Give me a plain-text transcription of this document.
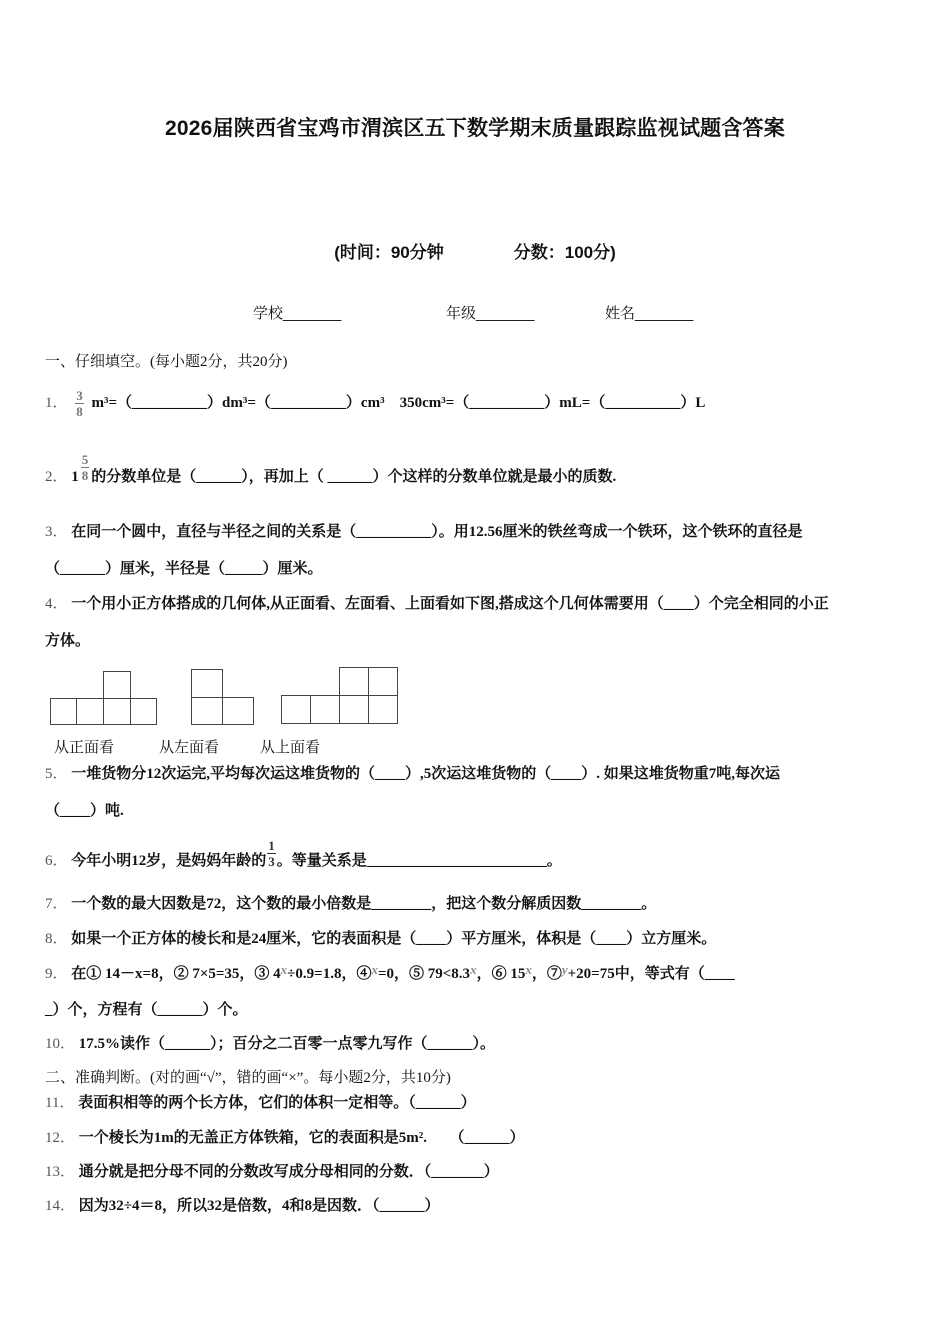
2026届陕西省宝鸡市渭滨区五下数学期末质量跟踪监视试题含答案
(时间：90分钟	分数：100分)
学校_______	年级_______	姓名_______
一、仔细填空。(每小题2分，共20分)
1． $\frac{3}{8}$ m³=（__________）dm³=（__________）cm³　350cm³=（__________）mL=（__________）L
2． $1 \frac{5}{8}$ 的分数单位是（______），再加上（ ______）个这样的分数单位就是最小的质数.
3． 在同一个圆中，直径与半径之间的关系是（__________）。用12.56厘米的铁丝弯成一个铁环，这个铁环的直径是
（______）厘米，半径是（_____）厘米。
4． 一个用小正方体搭成的几何体,从正面看、左面看、上面看如下图,搭成这个几何体需要用（____）个完全相同的小正
方体。
从正面看	从左面看	从上面看
5． 一堆货物分12次运完,平均每次运这堆货物的（____）,5次运这堆货物的（____）. 如果这堆货物重7吨,每次运
（____）吨.
6． 今年小明12岁，是妈妈年龄的 $\frac{1}{3}$ 。等量关系是________________________。
7． 一个数的最大因数是72，这个数的最小倍数是________，把这个数分解质因数________。
8． 如果一个正方体的棱长和是24厘米，它的表面积是（____）平方厘米，体积是（____）立方厘米。
9． 在① 14－x=8，② 7×5=35，③ 4x÷0.9=1.8，④x=0，⑤ 79<8.3x，⑥ 15x，⑦y+20=75中，等式有（____
_）个，方程有（______）个。
10． 17.5%读作（______）；百分之二百零一点零九写作（______）。
二、准确判断。(对的画“√”，错的画“×”。每小题2分，共10分)
11． 表面积相等的两个长方体，它们的体积一定相等。（______）
12． 一个棱长为1m的无盖正方体铁箱，它的表面积是5m².　　（______）
13． 通分就是把分母不同的分数改写成分母相同的分数．（_______）
14． 因为32÷4＝8，所以32是倍数，4和8是因数．（______）
